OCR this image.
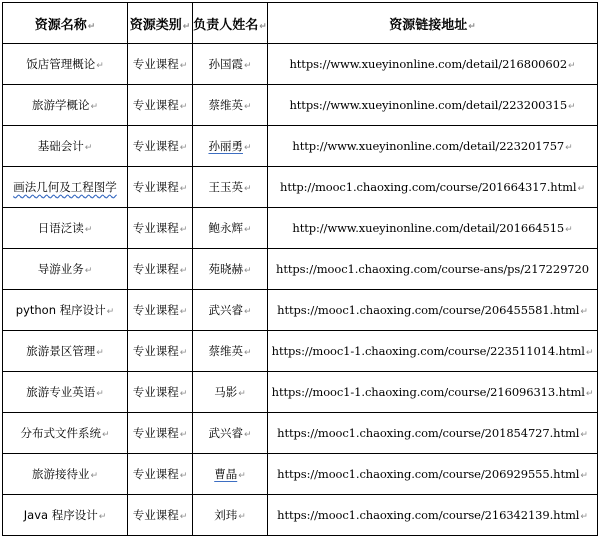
资源名称↵	资源类别↵	负责人姓名↵	资源链接地址↵
饭店管理概论↵	专业课程↵	孙国霞↵	https://www.xueyinonline.com/detail/216800602↵
旅游学概论↵	专业课程↵	蔡维英↵	https://www.xueyinonline.com/detail/223200315↵
基础会计↵	专业课程↵	孙丽勇↵	http://www.xueyinonline.com/detail/223201757↵
画法几何及工程图学	专业课程↵	王玉英↵	http://mooc1.chaoxing.com/course/201664317.html↵
日语泛读↵	专业课程↵	鲍永辉↵	http://www.xueyinonline.com/detail/201664515↵
导游业务↵	专业课程↵	苑晓赫↵	https://mooc1.chaoxing.com/course-ans/ps/217229720
python 程序设计↵	专业课程↵	武兴睿↵	https://mooc1.chaoxing.com/course/206455581.html↵
旅游景区管理↵	专业课程↵	蔡维英↵	https://mooc1-1.chaoxing.com/course/223511014.html↵
旅游专业英语↵	专业课程↵	马影↵	https://mooc1-1.chaoxing.com/course/216096313.html↵
分布式文件系统↵	专业课程↵	武兴睿↵	https://mooc1.chaoxing.com/course/201854727.html↵
旅游接待业↵	专业课程↵	曹晶↵	https://mooc1.chaoxing.com/course/206929555.html↵
Java 程序设计↵	专业课程↵	刘玮↵	https://mooc1.chaoxing.com/course/216342139.html↵
